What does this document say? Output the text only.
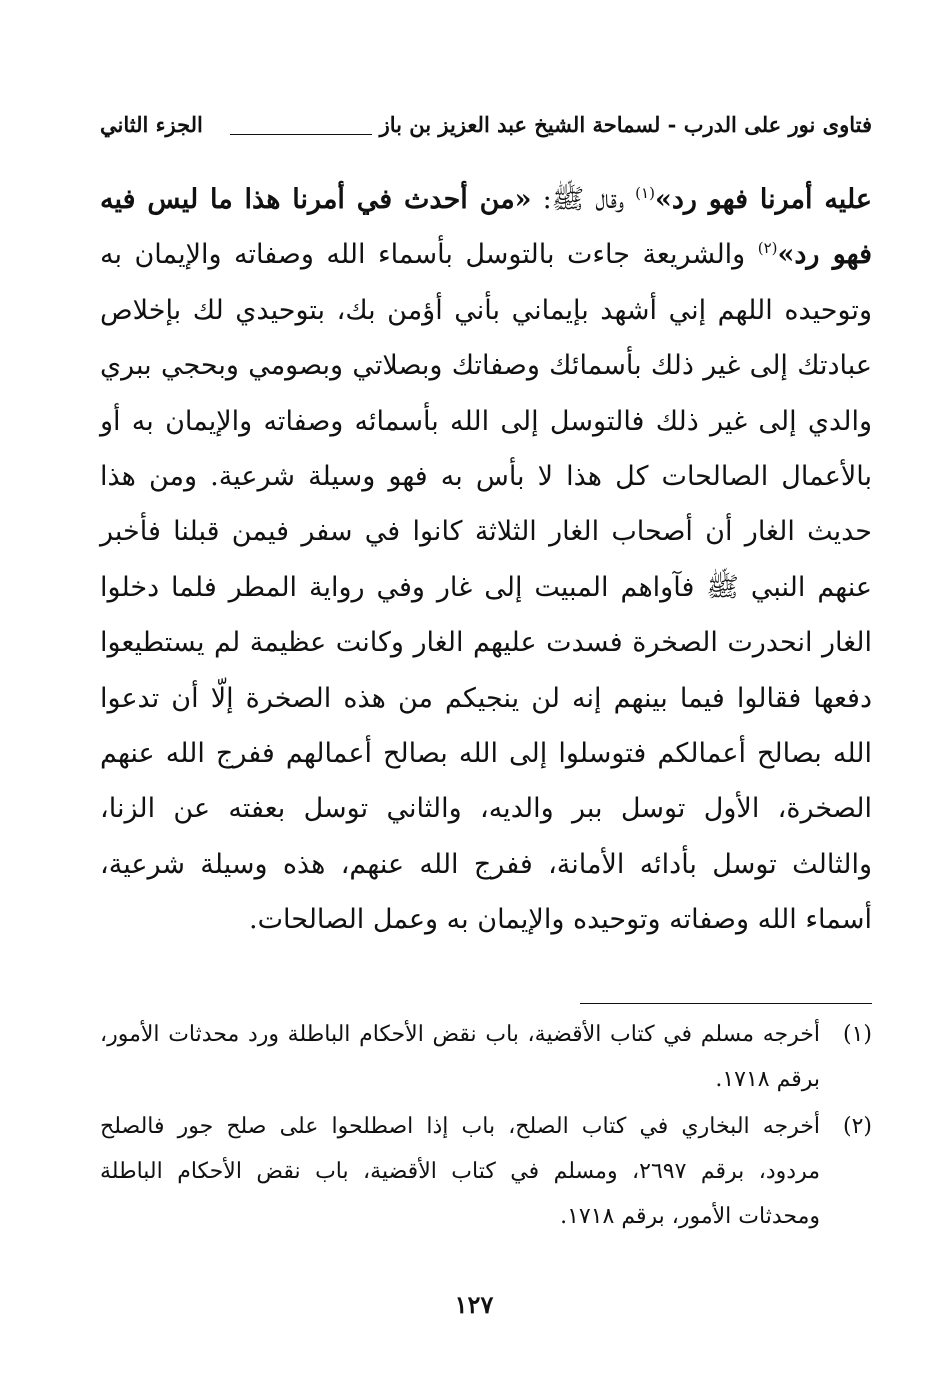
فتاوى نور على الدرب - لسماحة الشيخ عبد العزيز بن باز
الجزء الثاني

عليه أمرنا فهو رد»$^{(١)}$ وقال ﷺ: «من أحدث في أمرنا هذا ما ليس فيه فهو رد»$^{(٢)}$ والشريعة جاءت بالتوسل بأسماء الله وصفاته والإيمان به وتوحيده اللهم إني أشهد بإيماني بأني أؤمن بك، بتوحيدي لك بإخلاص عبادتك إلى غير ذلك بأسمائك وصفاتك وبصلاتي وبصومي وبحجي ببري والدي إلى غير ذلك فالتوسل إلى الله بأسمائه وصفاته والإيمان به أو بالأعمال الصالحات كل هذا لا بأس به فهو وسيلة شرعية. ومن هذا حديث الغار أن أصحاب الغار الثلاثة كانوا في سفر فيمن قبلنا فأخبر عنهم النبي ﷺ فآواهم المبيت إلى غار وفي رواية المطر فلما دخلوا الغار انحدرت الصخرة فسدت عليهم الغار وكانت عظيمة لم يستطيعوا دفعها فقالوا فيما بينهم إنه لن ينجيكم من هذه الصخرة إلّا أن تدعوا الله بصالح أعمالكم فتوسلوا إلى الله بصالح أعمالهم ففرج الله عنهم الصخرة، الأول توسل ببر والديه، والثاني توسل بعفته عن الزنا، والثالث توسل بأدائه الأمانة، ففرج الله عنهم، هذه وسيلة شرعية، أسماء الله وصفاته وتوحيده والإيمان به وعمل الصالحات.

(١)
أخرجه مسلم في كتاب الأقضية، باب نقض الأحكام الباطلة ورد محدثات الأمور، برقم ١٧١٨.

(٢)
أخرجه البخاري في كتاب الصلح، باب إذا اصطلحوا على صلح جور فالصلح مردود، برقم ٢٦٩٧، ومسلم في كتاب الأقضية، باب نقض الأحكام الباطلة ومحدثات الأمور، برقم ١٧١٨.

١٢٧
